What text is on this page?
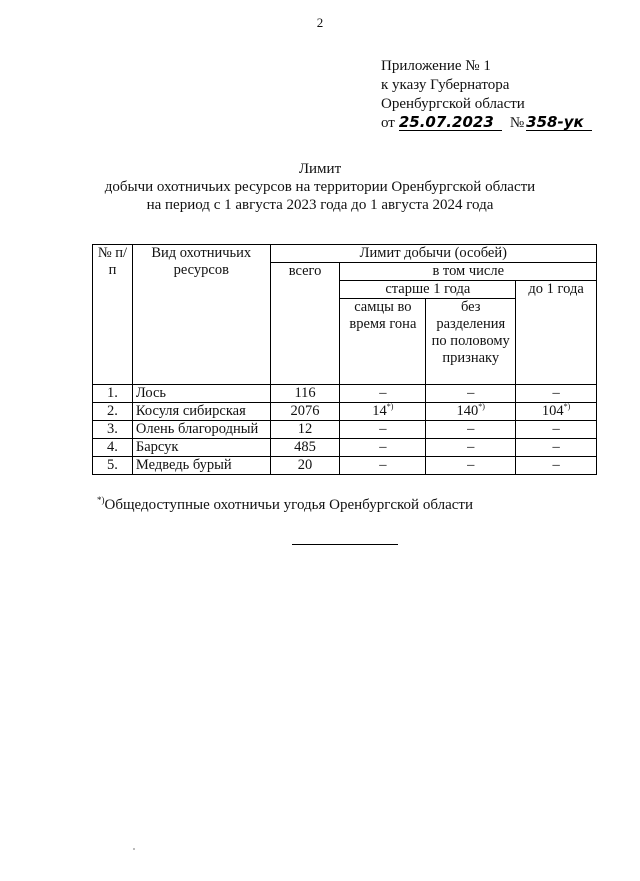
2
Приложение № 1
к указу Губернатора
Оренбургской области
от 25.07.2023	№ 358-ук
Лимит
добычи охотничьих ресурсов на территории Оренбургской области
на период с 1 августа 2023 года до 1 августа 2024 года
№ п/п	Вид охотничьих ресурсов	Лимит добычи (особей)			
		всего	в том числе		
			старше 1 года		до 1 года
			самцы во время гона	без разделения по половому признаку	
1.	Лось	116	–	–	–
2.	Косуля сибирская	2076	14*)	140*)	104*)
3.	Олень благородный	12	–	–	–
4.	Барсук	485	–	–	–
5.	Медведь бурый	20	–	–	–
*)Общедоступные охотничьи угодья Оренбургской области
